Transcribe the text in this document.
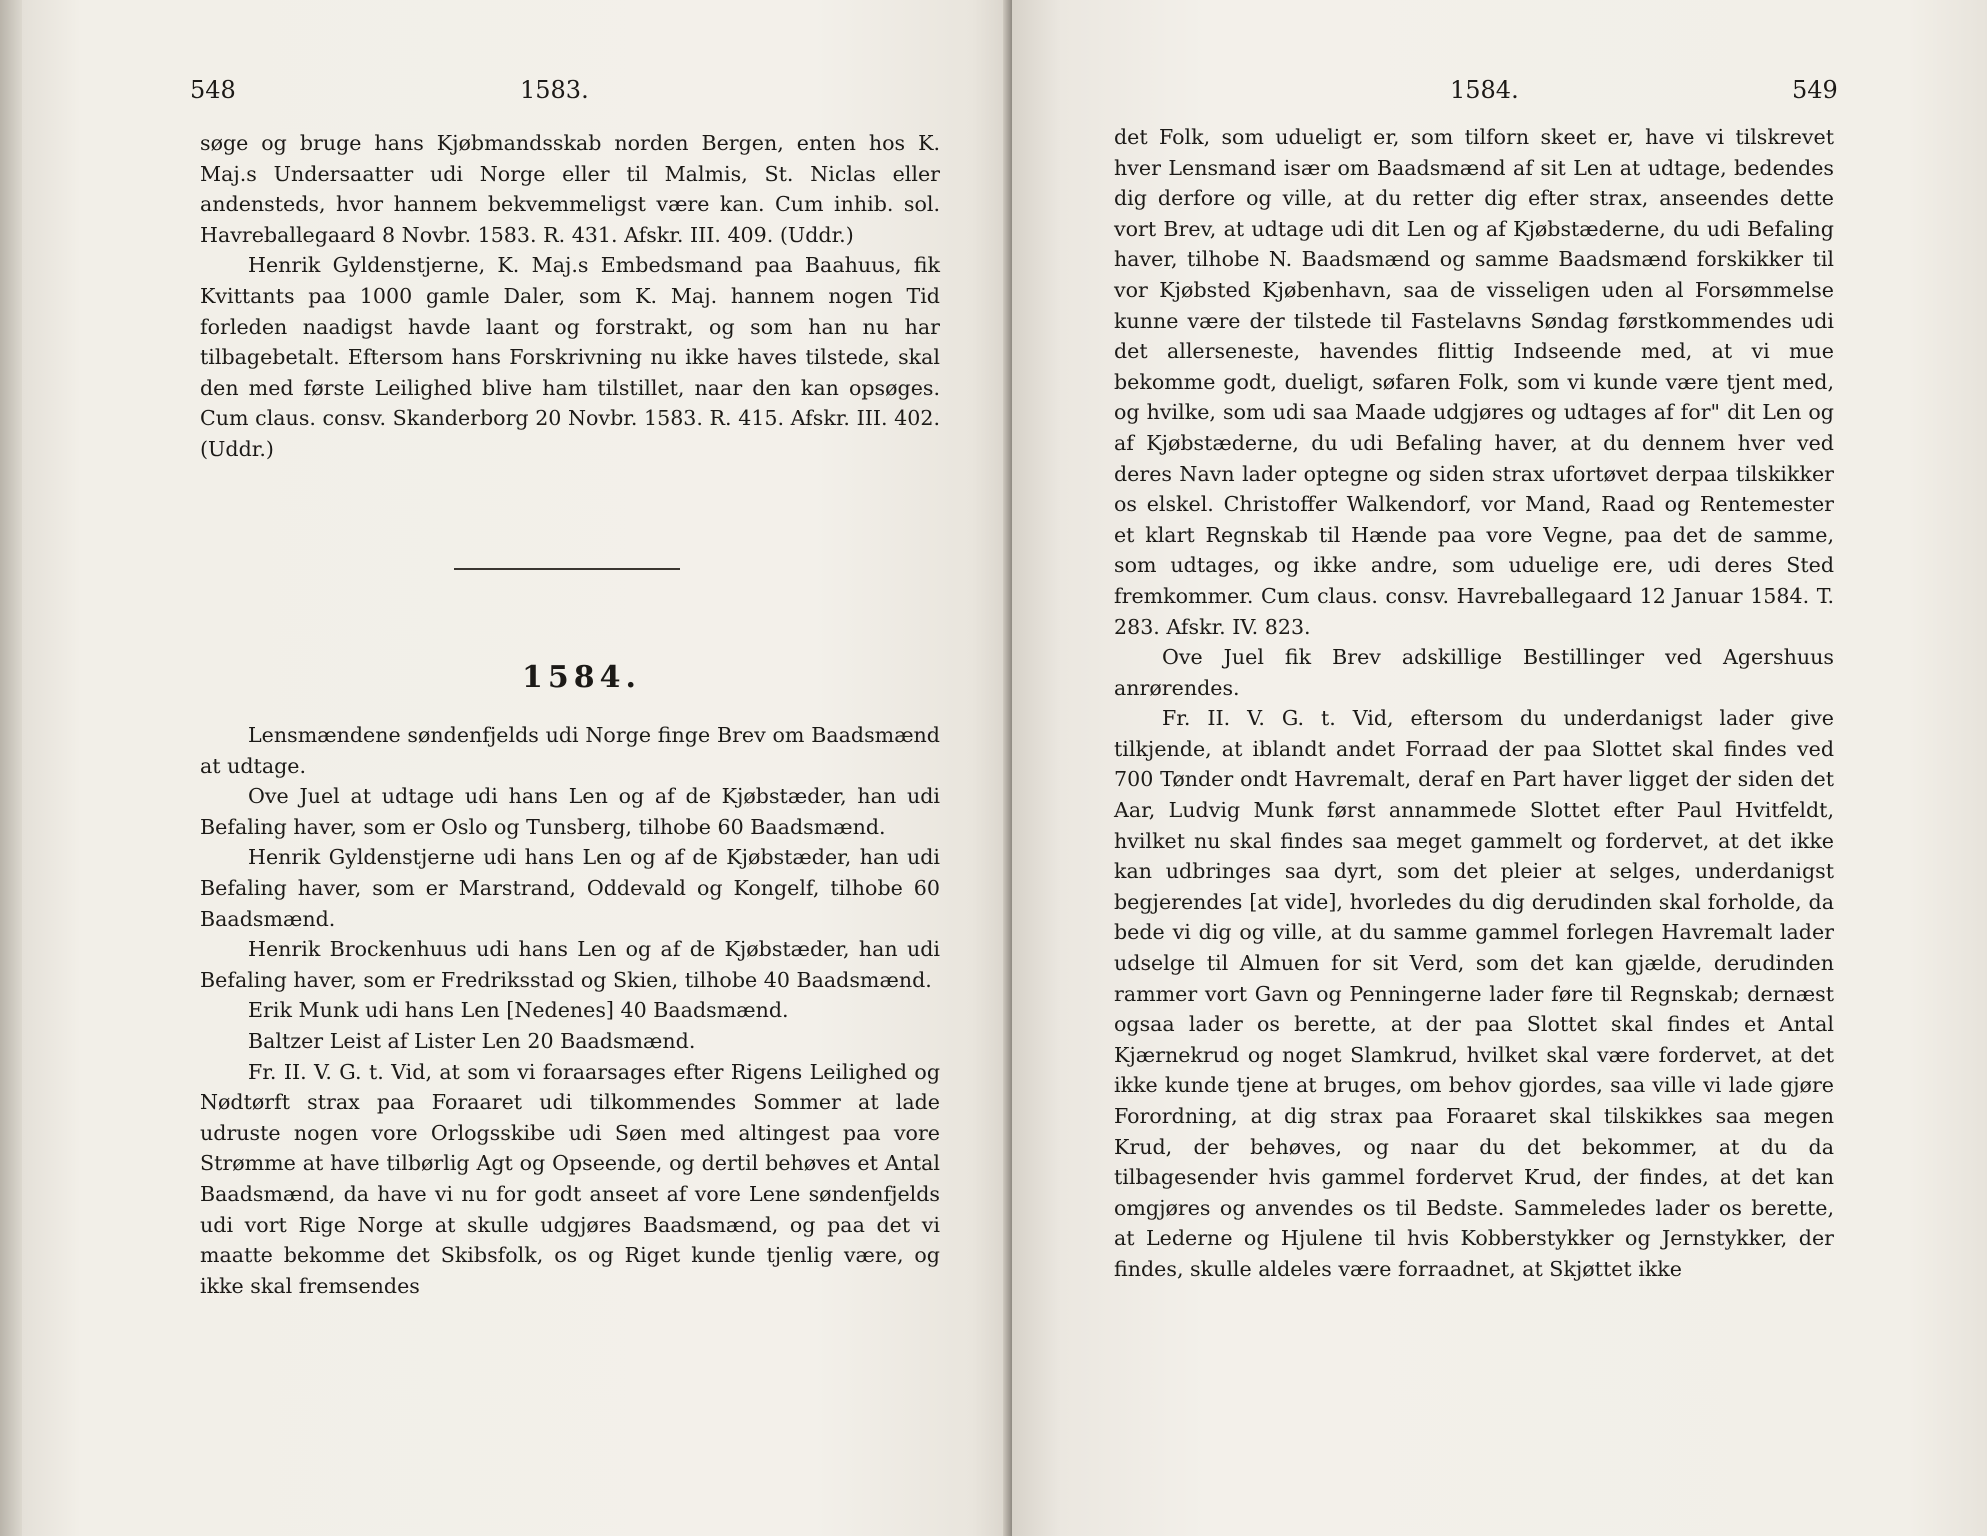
548	1583.

søge og bruge hans Kjøbmandsskab norden Bergen, enten hos K. Maj.s Undersaatter udi Norge eller til Malmis, St. Niclas eller andensteds, hvor hannem bekvemmeligst være kan. Cum inhib. sol. Havreballegaard 8 Novbr. 1583. R. 431. Afskr. III. 409. (Uddr.)

Henrik Gyldenstjerne, K. Maj.s Embedsmand paa Baahuus, fik Kvittants paa 1000 gamle Daler, som K. Maj. hannem nogen Tid forleden naadigst havde laant og forstrakt, og som han nu har tilbagebetalt. Eftersom hans Forskrivning nu ikke haves tilstede, skal den med første Leilighed blive ham tilstillet, naar den kan opsøges. Cum claus. consv. Skanderborg 20 Novbr. 1583. R. 415. Afskr. III. 402. (Uddr.)

1584.

Lensmændene søndenfjelds udi Norge finge Brev om Baadsmænd at udtage.

Ove Juel at udtage udi hans Len og af de Kjøbstæder, han udi Befaling haver, som er Oslo og Tunsberg, tilhobe 60 Baadsmænd.

Henrik Gyldenstjerne udi hans Len og af de Kjøbstæder, han udi Befaling haver, som er Marstrand, Oddevald og Kongelf, tilhobe 60 Baadsmænd.

Henrik Brockenhuus udi hans Len og af de Kjøbstæder, han udi Befaling haver, som er Fredriksstad og Skien, tilhobe 40 Baadsmænd.

Erik Munk udi hans Len [Nedenes] 40 Baadsmænd.

Baltzer Leist af Lister Len 20 Baadsmænd.

Fr. II. V. G. t. Vid, at som vi foraarsages efter Rigens Leilighed og Nødtørft strax paa Foraaret udi tilkommendes Sommer at lade udruste nogen vore Orlogsskibe udi Søen med altingest paa vore Strømme at have tilbørlig Agt og Opseende, og dertil behøves et Antal Baadsmænd, da have vi nu for godt anseet af vore Lene søndenfjelds udi vort Rige Norge at skulle udgjøres Baadsmænd, og paa det vi maatte bekomme det Skibsfolk, os og Riget kunde tjenlig være, og ikke skal fremsendes

1584.	549

det Folk, som udueligt er, som tilforn skeet er, have vi tilskrevet hver Lensmand især om Baadsmænd af sit Len at udtage, bedendes dig derfore og ville, at du retter dig efter strax, anseendes dette vort Brev, at udtage udi dit Len og af Kjøbstæderne, du udi Befaling haver, tilhobe N. Baadsmænd og samme Baadsmænd forskikker til vor Kjøbsted Kjøbenhavn, saa de visseligen uden al Forsømmelse kunne være der tilstede til Fastelavns Søndag førstkommendes udi det allerseneste, havendes flittig Indseende med, at vi mue bekomme godt, dueligt, søfaren Folk, som vi kunde være tjent med, og hvilke, som udi saa Maade udgjøres og udtages af for" dit Len og af Kjøbstæderne, du udi Befaling haver, at du dennem hver ved deres Navn lader optegne og siden strax ufortøvet derpaa tilskikker os elskel. Christoffer Walkendorf, vor Mand, Raad og Rentemester et klart Regnskab til Hænde paa vore Vegne, paa det de samme, som udtages, og ikke andre, som uduelige ere, udi deres Sted fremkommer. Cum claus. consv. Havreballegaard 12 Januar 1584. T. 283. Afskr. IV. 823.

Ove Juel fik Brev adskillige Bestillinger ved Agershuus anrørendes.

Fr. II. V. G. t. Vid, eftersom du underdanigst lader give tilkjende, at iblandt andet Forraad der paa Slottet skal findes ved 700 Tønder ondt Havremalt, deraf en Part haver ligget der siden det Aar, Ludvig Munk først annammede Slottet efter Paul Hvitfeldt, hvilket nu skal findes saa meget gammelt og fordervet, at det ikke kan udbringes saa dyrt, som det pleier at selges, underdanigst begjerendes [at vide], hvorledes du dig derudinden skal forholde, da bede vi dig og ville, at du samme gammel forlegen Havremalt lader udselge til Almuen for sit Verd, som det kan gjælde, derudinden rammer vort Gavn og Penningerne lader føre til Regnskab; dernæst ogsaa lader os berette, at der paa Slottet skal findes et Antal Kjærnekrud og noget Slamkrud, hvilket skal være fordervet, at det ikke kunde tjene at bruges, om behov gjordes, saa ville vi lade gjøre Forordning, at dig strax paa Foraaret skal tilskikkes saa megen Krud, der behøves, og naar du det bekommer, at du da tilbagesender hvis gammel fordervet Krud, der findes, at det kan omgjøres og anvendes os til Bedste. Sammeledes lader os berette, at Lederne og Hjulene til hvis Kobberstykker og Jernstykker, der findes, skulle aldeles være forraadnet, at Skjøttet ikke
